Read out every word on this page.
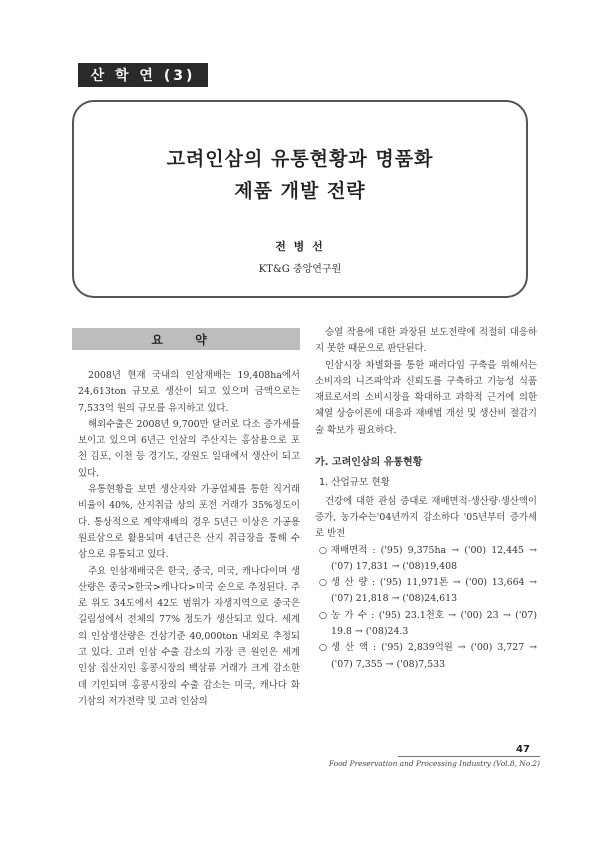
산 학 연 (3)
고려인삼의 유통현황과 명품화
제품 개발 전략
전 병 선
KT&G 중앙연구원
요 약

2008년 현재 국내의 인삼재배는 19,408ha에서 24,613ton 규모로 생산이 되고 있으며 금액으로는 7,533억 원의 규모를 유지하고 있다.

해외수출은 2008년 9,700만 달러로 다소 증가세를 보이고 있으며 6년근 인삼의 주산지는 홍삼용으로 포천 김포, 이천 등 경기도, 강원도 일대에서 생산이 되고 있다.

유통현황을 보면 생산자와 가공업체를 통한 직거래 비율이 40%, 산지취급 상의 포전 거래가 35%정도이다. 통상적으로 계약재배의 경우 5년근 이상은 가공용 원료삼으로 활용되며 4년근은 산지 취급장을 통해 수삼으로 유통되고 있다.

주요 인삼재배국은 한국, 중국, 미국, 캐나다이며 생산량은 중국>한국>캐나다>미국 순으로 추정된다. 주로 위도 34도에서 42도 범위가 자생지역으로 중국은 길림성에서 전체의 77% 정도가 생산되고 있다. 세계의 인삼생산량은 건삼기준 40,000ton 내외로 추정되고 있다. 고려 인삼 수출 감소의 가장 큰 원인은 세계 인삼 집산지인 홍콩시장의 백삼류 거래가 크게 감소한데 기인되며 홍콩시장의 수출 감소는 미국, 캐나다 화기삼의 저가전략 및 고려 인삼의

승열 작용에 대한 과장된 보도전략에 적절히 대응하지 못한 때문으로 판단된다.

인삼시장 차별화를 통한 패러다임 구축을 위해서는 소비자의 니즈파악과 신뢰도를 구축하고 기능성 식품재료로서의 소비시장을 확대하고 과학적 근거에 의한 체열 상승이론에 대응과 재배법 개선 및 생산비 절감기술 확보가 필요하다.

가. 고려인삼의 유통현황

1. 산업규모 현황

건강에 대한 관심 증대로 재배면적·생산량·생산액이 증가, 농가수는'04년까지 감소하다 '05년부터 증가세로 반전

○ 재배면적 : ('95) 9,375ha → ('00) 12,445 → ('07) 17,831 → ('08)19,408
○ 생 산 량 : ('95) 11,971톤 → ('00) 13,664 → ('07) 21,818 → ('08)24,613
○ 농 가 수 : ('95) 23.1천호 → ('00) 23 → ('07) 19.8 → ('08)24.3
○ 생 산 액 : ('95) 2,839억원 → ('00) 3,727 → ('07) 7,355 → ('08)7,533
47
Food Preservation and Processing Industry (Vol.8, No.2)
